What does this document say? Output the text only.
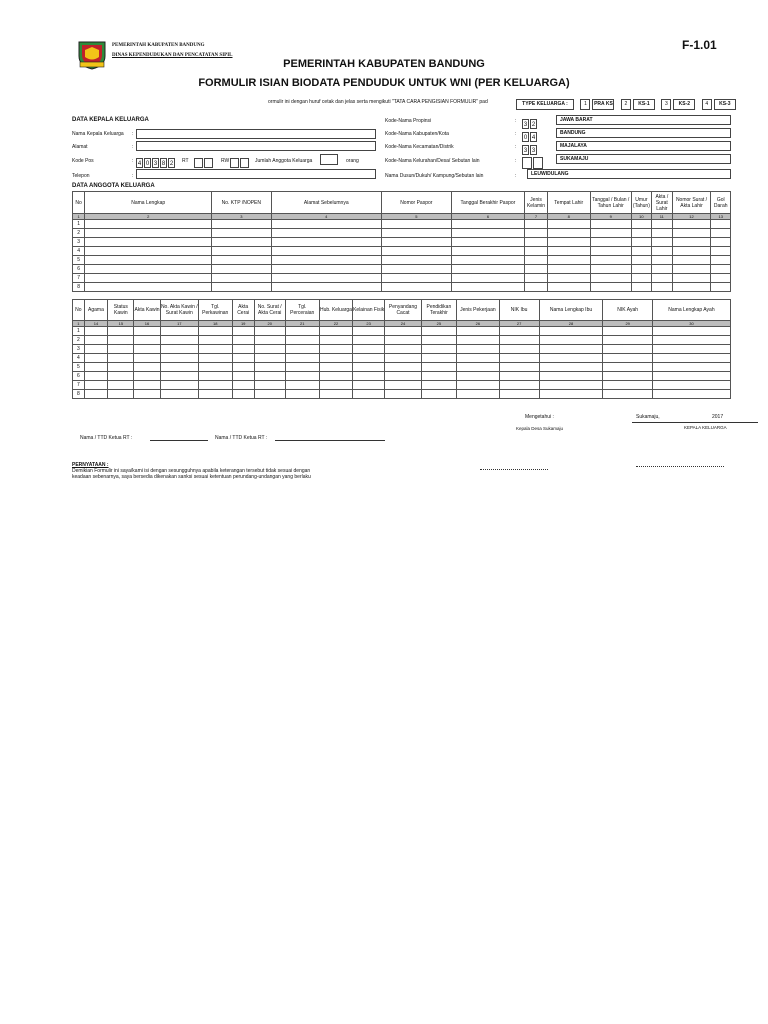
PEMERINTAH KABUPATEN BANDUNG
DINAS KEPENDUDUKAN DAN PENCATATAN SIPIL
F-1.01
PEMERINTAH KABUPATEN BANDUNG
FORMULIR ISIAN BIODATA PENDUDUK UNTUK WNI (PER KELUARGA)
ormulir ini dengan huruf cetak dan jelas serta mengikuti "TATA CARA PENGISIAN FORMULIR" pad	TYPE KELUARGA :	1 PRA KS 2 KS-1	3 KS-2	4 KS-3
DATA KEPALA KELUARGA
Nama Kepala Keluarga :
Alamat	:
Kode Pos	: 4 0 3 8 2	RT	RW	Jumlah Anggota Keluarga	orang
Telepon	:
Kode-Nama Propinsi	:
3 2
JAWA BARAT
Kode-Nama Kabupaten/Kota	:
0 4
BANDUNG
Kode-Nama Kecamatan/Distrik	:
3 3
MAJALAYA
Kode-Nama Kelurahan/Desa/ Sebutan lain	:	SUKAMAJU
Nama Dusun/Dukuh/ Kampung/Sebutan lain	:	LEUWIDULANG
DATA ANGGOTA KELUARGA
No	Nama Lengkap	No. KTP /NOPEN	Alamat Sebelumnya	Nomor Paspor	Tanggal Berakhir Paspor	Jenis Kelamin	Tempat Lahir	Tanggal / Bulan / Tahun Lahir	Umur (Tahun)	Akta / Surat Lahir	Nomor Surat / Akta Lahir	Gol Darah
1	2	3	4	5	6	7	8	9	10	11	12	13
1												
2												
3												
4												
5												
6												
7												
8												
No	Agama	Status Kawin	Akta Kawin	No. Akta Kawin / Surat Kawin	Tgl. Perkawinan	Akta Cerai	No. Surat / Akta Cerai	Tgl. Perceraian	Hub. Keluarga	Kelainan Fisik	Penyandang Cacat	Pendidikan Terakhir	Jenis Pekerjaan	NIK Ibu	Nama Lengkap Ibu	NIK Ayah	Nama Lengkap Ayah
1	14	15	16	17	18	19	20	21	22	23	24	25	26	27	28	29	30
1																	
2																	
3																	
4																	
5																	
6																	
7																	
8																	
Mengetahui :	Sukamaju,	2017
Kepala Desa Sukamaju	KEPALA KELUARGA
Nama / TTD Ketua RT :	Nama / TTD Ketua RT :
PERNYATAAN :
Demikian Formulir ini saya/kami isi dengan sesungguhnya apabila keterangan tersebut tidak sesuai dengan
keadaan sebenarnya, saya bersedia dikenakan sanksi sesuai ketentuan perundang-undangan yang berlaku
